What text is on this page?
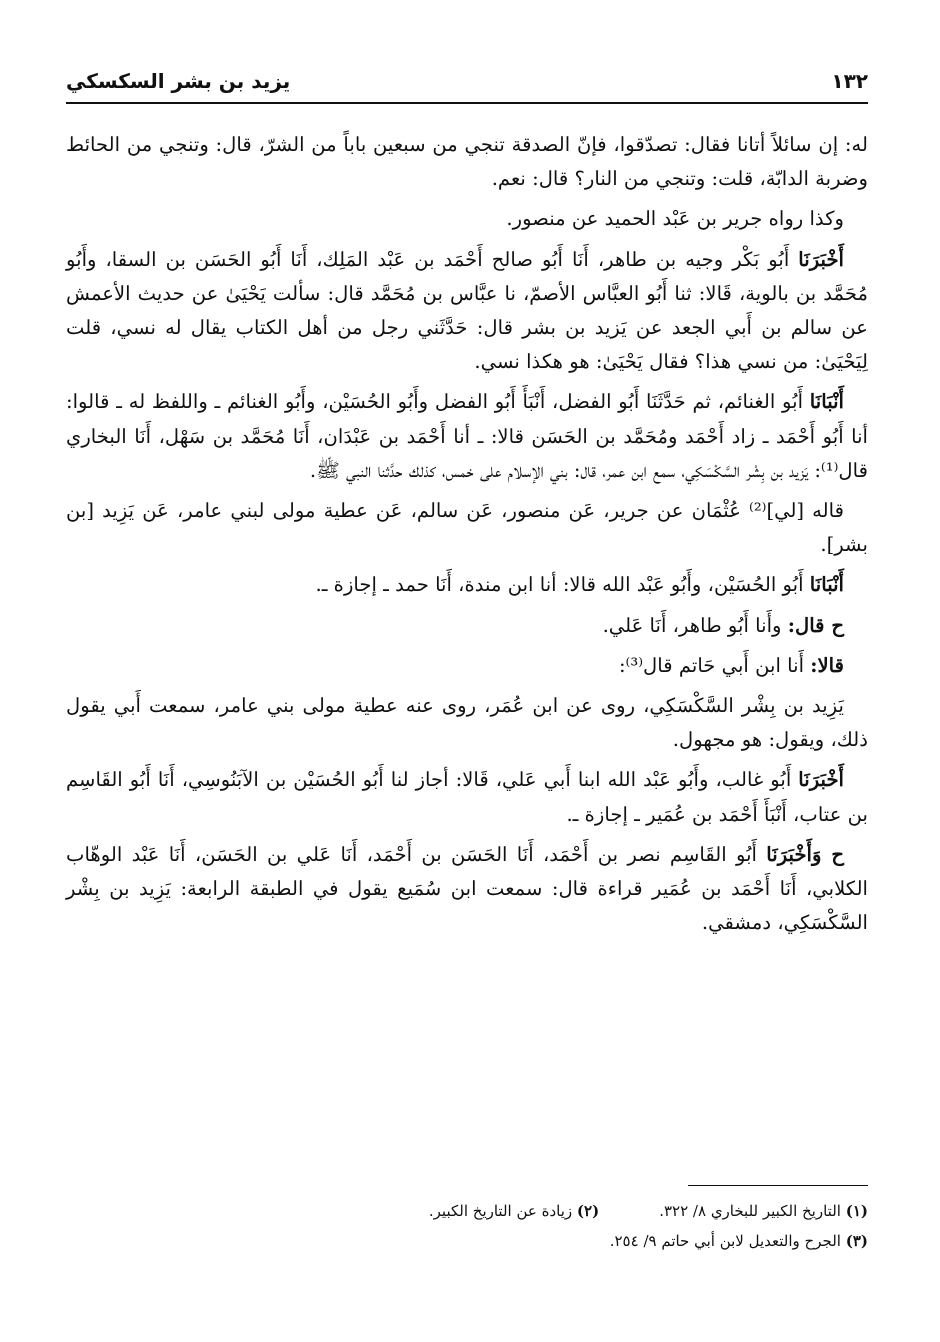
١٣٢
يزيد بن بشر السكسكي

له: إن سائلاً أتانا فقال: تصدّقوا، فإنّ الصدقة تنجي من سبعين باباً من الشرّ، قال: وتنجي من الحائط وضربة الدابّة، قلت: وتنجي من النار؟ قال: نعم.

وكذا رواه جرير بن عَبْد الحميد عن منصور.

أَخْبَرَنَا أَبُو بَكْر وجيه بن طاهر، أَنَا أَبُو صالح أَحْمَد بن عَبْد المَلِك، أَنَا أَبُو الحَسَن بن السقا، وأَبُو مُحَمَّد بن بالوية، قَالا: ثنا أَبُو العبَّاس الأصمّ، نا عبَّاس بن مُحَمَّد قال: سألت يَحْيَىٰ عن حديث الأعمش عن سالم بن أَبي الجعد عن يَزيد بن بشر قال: حَدَّثَني رجل من أهل الكتاب يقال له نسي، قلت لِيَحْيَىٰ: من نسي هذا؟ فقال يَحْيَىٰ: هو هكذا نسي.

أَنْبَانَا أَبُو الغنائم، ثم حَدَّثَنَا أَبُو الفضل، أَنْبَأَ أَبُو الفضل وأَبُو الحُسَيْن، وأَبُو الغنائم ـ واللفظ له ـ قالوا: أنا أَبُو أَحْمَد ـ زاد أَحْمَد ومُحَمَّد بن الحَسَن قالا: ـ أنا أَحْمَد بن عَبْدَان، أَنَا مُحَمَّد بن سَهْل، أَنَا البخاري قال⁽¹⁾: يَزيد بن بِشْر السَّكْسَكِي، سمع ابن عمر، قال: بني الإسلام على خمس، كذلك حدَّثنا النبي ﷺ.

قاله [لي]⁽²⁾ عُثْمَان عن جرير، عَن منصور، عَن سالم، عَن عطية مولى لبني عامر، عَن يَزِيد [بن بشر].

أَنْبَانَا أَبُو الحُسَيْن، وأَبُو عَبْد الله قالا: أنا ابن مندة، أَنَا حمد ـ إجازة ـ.

ح قال: وأَنا أَبُو طاهر، أَنَا عَلي.

قالا: أَنا ابن أَبي حَاتم قال⁽³⁾:

يَزِيد بن بِشْر السَّكْسَكِي، روى عن ابن عُمَر، روى عنه عطية مولى بني عامر، سمعت أَبي يقول ذلك، ويقول: هو مجهول.

أَخْبَرَنَا أَبُو غالب، وأَبُو عَبْد الله ابنا أَبي عَلي، قَالا: أجاز لنا أَبُو الحُسَيْن بن الآبَنُوسِي، أَنَا أَبُو القَاسِم بن عتاب، أَنْبَأَ أَحْمَد بن عُمَير ـ إجازة ـ.

ح وَأَخْبَرَنَا أَبُو القَاسِم نصر بن أَحْمَد، أَنَا الحَسَن بن أَحْمَد، أَنَا عَلي بن الحَسَن، أَنَا عَبْد الوهّاب الكلابي، أَنَا أَحْمَد بن عُمَير قراءة قال: سمعت ابن سُمَيع يقول في الطبقة الرابعة: يَزِيد بن بِشْر السَّكْسَكِي، دمشقي.

(١) التاريخ الكبير للبخاري ٨/ ٣٢٢.
(٢) زيادة عن التاريخ الكبير.
(٣) الجرح والتعديل لابن أبي حاتم ٩/ ٢٥٤.
